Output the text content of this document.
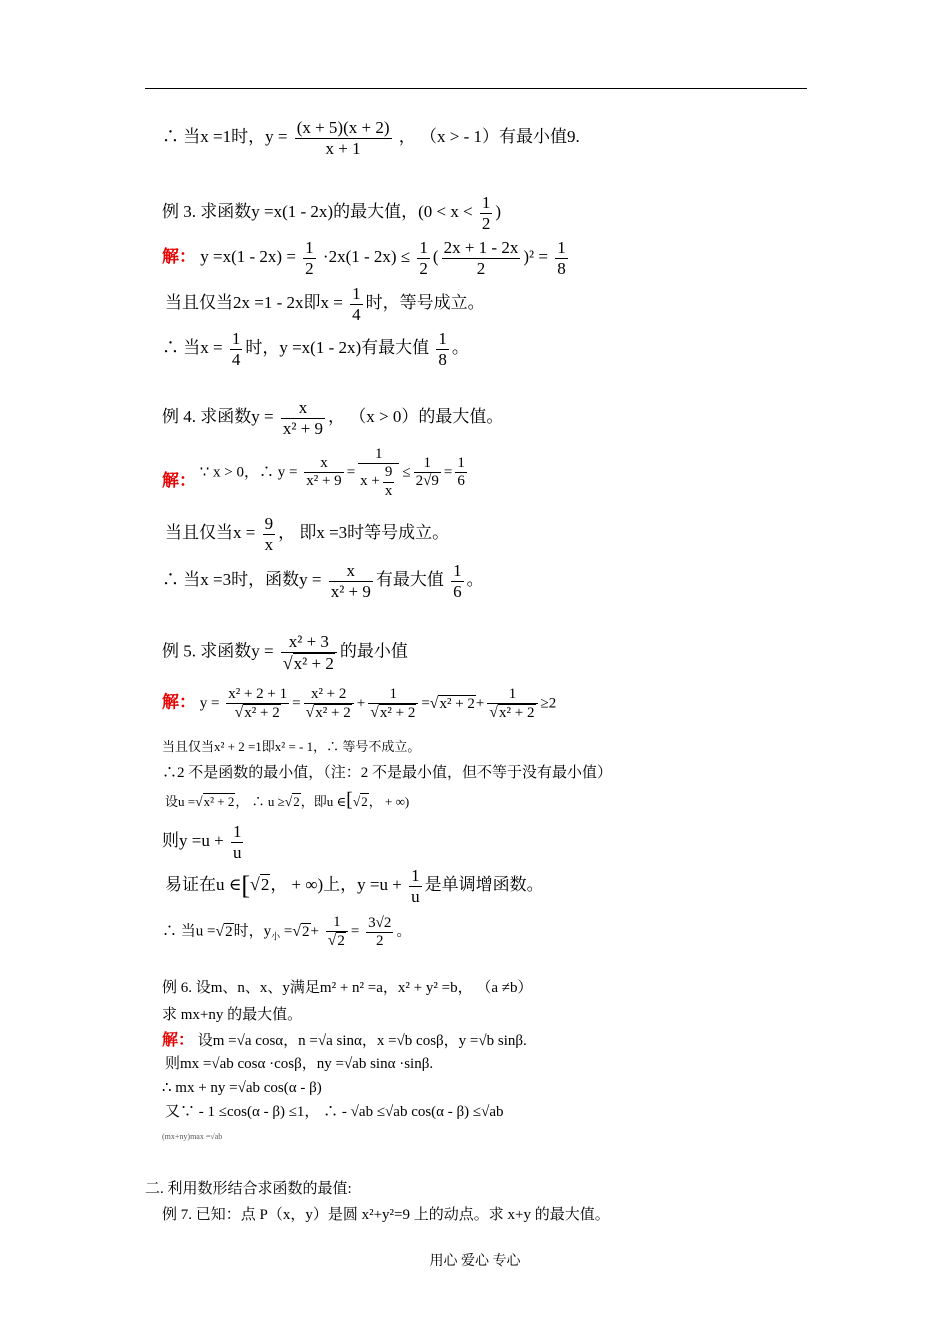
∴ 当x =1时，$y = \frac{(x + 5)(x + 2)}{x + 1}$ ， （x > - 1）有最小值9.
例 3. 求函数y =x(1 - 2x)的最大值，($0 < x < \frac{1}{2}$ )
解： $y =x(1 - 2x) = \frac{1}{2} \cdot 2x(1 - 2x) \le \frac{1}{2}$ ( $\frac{2x + 1 - 2x}{2} )^2 = \frac{1}{8}$
当且仅当2x =1 - 2x即$x = \frac{1}{4}$ 时，等号成立。
∴ 当$x = \frac{1}{4}$ 时，y =x(1 - 2x)有最大值 $\frac{1}{8}$ 。
例 4. 求函数$y = \frac{x}{\text{x² + 9}}$ ， （x > 0）的最大值。
解： ∵ x > 0，∴ $y = \frac{x}{\text{x² + 9}} = \frac{1}{x + \frac{9}{x}} \le \frac{1}{2√9} = \frac{1}{6}$
当且仅当$x = \frac{9}{x}$ ， 即x =3时等号成立。
∴ 当x =3时，函数$y = \frac{x}{\text{x² + 9}}$ 有最大值 $\frac{1}{6}$ 。
例 5. 求函数$y = \frac{\text{x² + 3}}{\text{√x² + 2}}$ 的最小值
解： $y = \frac{\text{x² + 2 + 1}}{\text{√x² + 2}} = \frac{\text{x² + 2}}{\text{√x² + 2}} + \frac{1}{\text{√x² + 2}} =√x^2 + 2+ \frac{1}{\text{√x² + 2}} \ge 2$
当且仅当x² + 2 =1即x² = - 1，∴ 等号不成立。
∴2 不是函数的最小值，（注：2 不是最小值，但不等于没有最小值）
设u =√x² + 2， ∴ u ≥√2，即u ∈[√2， + ∞)
则$y =u + \frac{1}{u}$
易证在u ∈[√2， + ∞)上，$y =u + \frac{1}{u}$ 是单调增函数。
∴ 当u =√2时，$y_小 =√2+ \frac{1}{√2} = \frac{3√2}{2}$ 。
例 6. 设m、n、x、y满足m² + n² =a，x² + y² =b， （a ≠b）
求 mx+ny 的最大值。
解： 设m =√a cosα，n =√a sinα，x =√b cosβ，y =√b sinβ.
则mx =√ab cosα ·cosβ，ny =√ab sinα ·sinβ.
∴ mx + ny =√ab cos(α - β)
又∵ - 1 ≤cos(α - β) ≤1， ∴ - √ab ≤√ab cos(α - β) ≤√ab
(mx+ny)max =√ab
二. 利用数形结合求函数的最值:
例 7. 已知：点 P（x，y）是圆 x²+y²=9 上的动点。求 x+y 的最大值。
用心 爱心 专心
